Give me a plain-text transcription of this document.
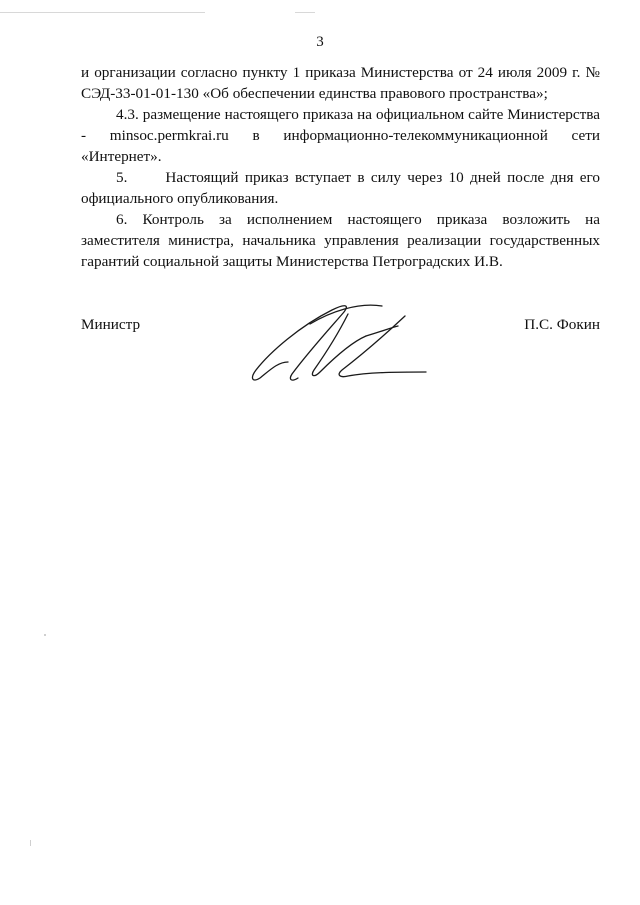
3

и организации согласно пункту 1 приказа Министерства от 24 июля 2009 г. № СЭД-33-01-01-130 «Об обеспечении единства правового пространства»;

4.3. размещение настоящего приказа на официальном сайте Министерства - minsoc.permkrai.ru в информационно-телекоммуникационной сети «Интернет».

5.      Настоящий приказ вступает в силу через 10 дней после дня его официального опубликования.

6. Контроль за исполнением настоящего приказа возложить на заместителя министра, начальника управления реализации государственных гарантий социальной защиты Министерства Петроградских И.В.

Министр	П.С. Фокин
